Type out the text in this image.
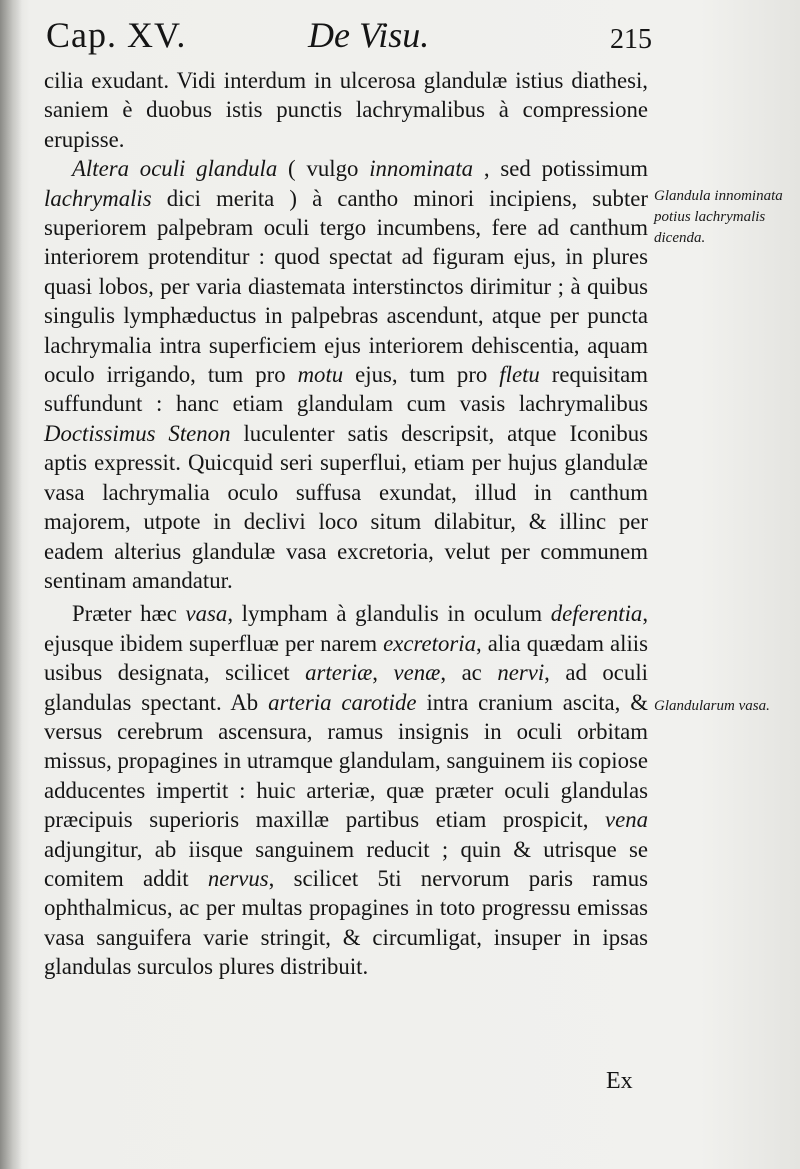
Cap. XV.	De Visu.	215

cilia exudant. Vidi interdum in ulcerosa glandulæ istius diathesi, saniem è duobus istis punctis lachrymalibus à compressione erupisse.

Altera oculi glandula ( vulgo innominata , sed potissimum lachrymalis dici merita ) à cantho minori incipiens, subter superiorem palpebram oculi tergo incumbens, fere ad canthum interiorem protenditur : quod spectat ad figuram ejus, in plures quasi lobos, per varia diastemata interstinctos dirimitur ; à quibus singulis lymphæductus in palpebras ascendunt, atque per puncta lachrymalia intra superficiem ejus interiorem dehiscentia, aquam oculo irrigando, tum pro motu ejus, tum pro fletu requisitam suffundunt : hanc etiam glandulam cum vasis lachrymalibus Doctissimus Stenon luculenter satis descripsit, atque Iconibus aptis expressit. Quicquid seri superflui, etiam per hujus glandulæ vasa lachrymalia oculo suffusa exundat, illud in canthum majorem, utpote in declivi loco situm dilabitur, & illinc per eadem alterius glandulæ vasa excretoria, velut per communem sentinam amandatur.

Præter hæc vasa, lympham à glandulis in oculum deferentia, ejusque ibidem superfluæ per narem excretoria, alia quædam aliis usibus designata, scilicet arteriæ, venæ, ac nervi, ad oculi glandulas spectant. Ab arteria carotide intra cranium ascita, & versus cerebrum ascensura, ramus insignis in oculi orbitam missus, propagines in utramque glandulam, sanguinem iis copiose adducentes impertit : huic arteriæ, quæ præter oculi glandulas præcipuis superioris maxillæ partibus etiam prospicit, vena adjungitur, ab iisque sanguinem reducit ; quin & utrisque se comitem addit nervus, scilicet 5ti nervorum paris ramus ophthalmicus, ac per multas propagines in toto progressu emissas vasa sanguifera varie stringit, & circumligat, insuper in ipsas glandulas surculos plures distribuit.

Glandula innominata potius lachrymalis dicenda.
Glandularum vasa.
Ex
